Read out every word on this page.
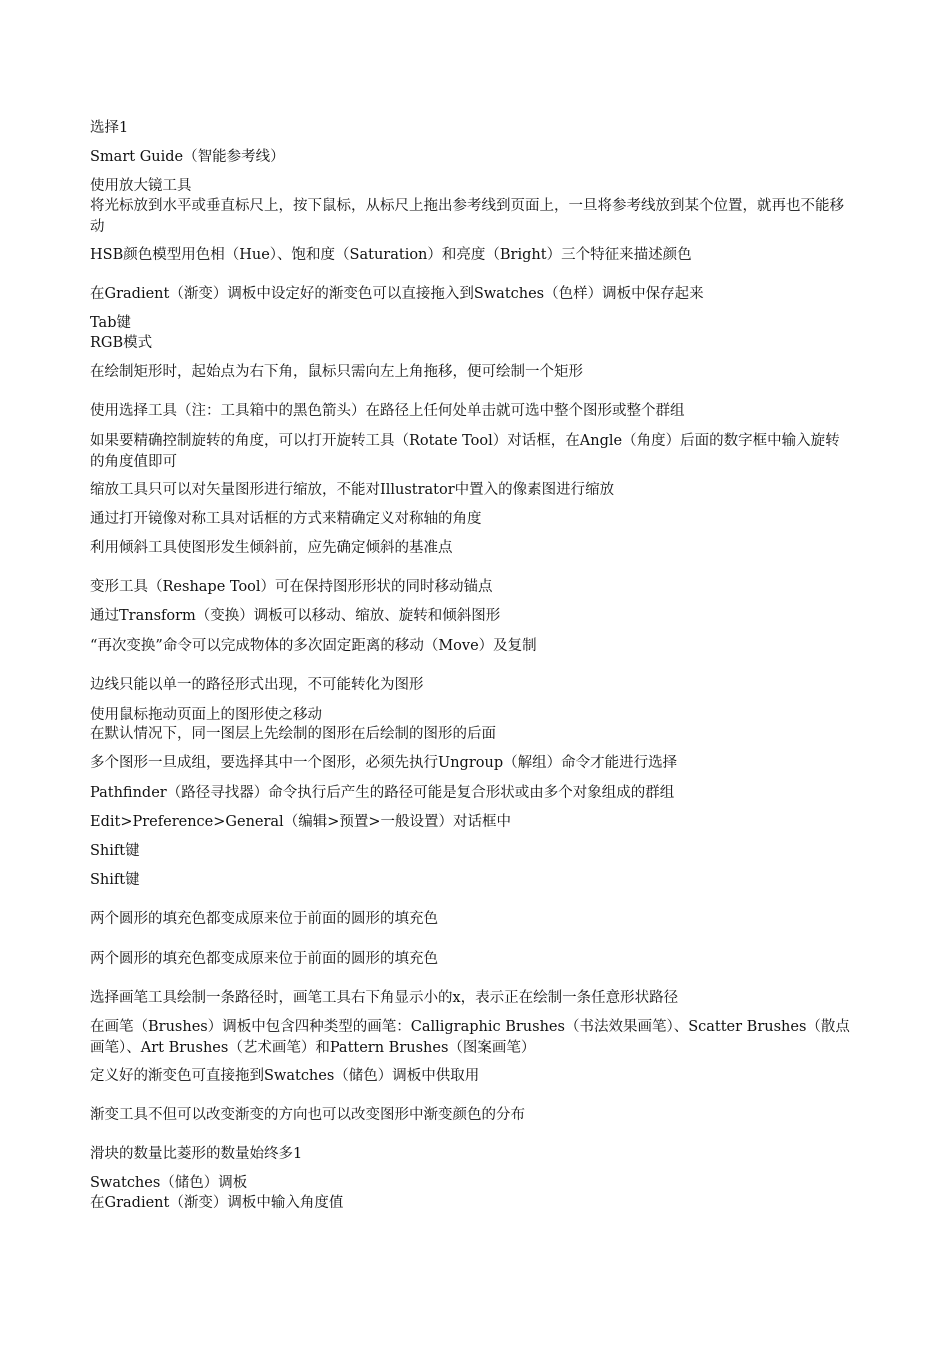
选择1
Smart Guide（智能参考线）
使用放大镜工具
将光标放到水平或垂直标尺上，按下鼠标，从标尺上拖出参考线到页面上，一旦将参考线放到某个位置，就再也不能移动
HSB颜色模型用色相（Hue）、饱和度（Saturation）和亮度（Bright）三个特征来描述颜色
在Gradient（渐变）调板中设定好的渐变色可以直接拖入到Swatches（色样）调板中保存起来
Tab键
RGB模式
在绘制矩形时，起始点为右下角，鼠标只需向左上角拖移，便可绘制一个矩形
使用选择工具（注：工具箱中的黑色箭头）在路径上任何处单击就可选中整个图形或整个群组
如果要精确控制旋转的角度，可以打开旋转工具（Rotate Tool）对话框，在Angle（角度）后面的数字框中输入旋转的角度值即可
缩放工具只可以对矢量图形进行缩放，不能对Illustrator中置入的像素图进行缩放
通过打开镜像对称工具对话框的方式来精确定义对称轴的角度
利用倾斜工具使图形发生倾斜前，应先确定倾斜的基准点
变形工具（Reshape Tool）可在保持图形形状的同时移动锚点
通过Transform（变换）调板可以移动、缩放、旋转和倾斜图形
“再次变换”命令可以完成物体的多次固定距离的移动（Move）及复制
边线只能以单一的路径形式出现，不可能转化为图形
使用鼠标拖动页面上的图形使之移动
在默认情况下，同一图层上先绘制的图形在后绘制的图形的后面
多个图形一旦成组，要选择其中一个图形，必须先执行Ungroup（解组）命令才能进行选择
Pathfinder（路径寻找器）命令执行后产生的路径可能是复合形状或由多个对象组成的群组
Edit>Preference>General（编辑>预置>一般设置）对话框中
Shift键
Shift键
两个圆形的填充色都变成原来位于前面的圆形的填充色
两个圆形的填充色都变成原来位于前面的圆形的填充色
选择画笔工具绘制一条路径时，画笔工具右下角显示小的x，表示正在绘制一条任意形状路径
在画笔（Brushes）调板中包含四种类型的画笔：Calligraphic Brushes（书法效果画笔）、Scatter Brushes（散点画笔）、Art Brushes（艺术画笔）和Pattern Brushes（图案画笔）
定义好的渐变色可直接拖到Swatches（储色）调板中供取用
渐变工具不但可以改变渐变的方向也可以改变图形中渐变颜色的分布
滑块的数量比菱形的数量始终多1
Swatches（储色）调板
在Gradient（渐变）调板中输入角度值
